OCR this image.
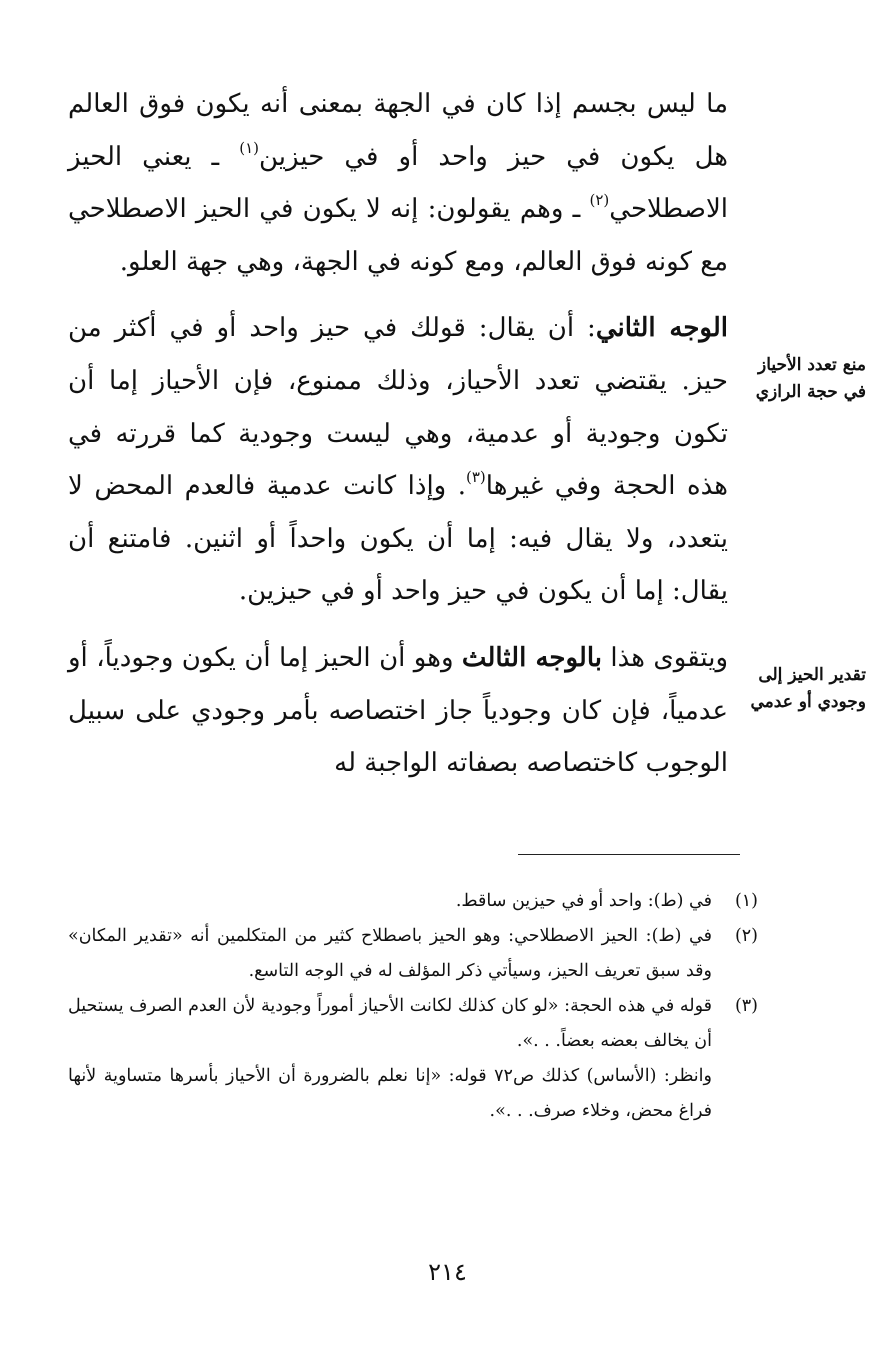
ما ليس بجسم إذا كان في الجهة بمعنى أنه يكون فوق العالم هل يكون في حيز واحد أو في حيزين$^{(١)}$ ـ يعني الحيز الاصطلاحي$^{(٢)}$ ـ وهم يقولون: إنه لا يكون في الحيز الاصطلاحي مع كونه فوق العالم، ومع كونه في الجهة، وهي جهة العلو.

الوجه الثاني: أن يقال: قولك في حيز واحد أو في أكثر من حيز. يقتضي تعدد الأحياز، وذلك ممنوع، فإن الأحياز إما أن تكون وجودية أو عدمية، وهي ليست وجودية كما قررته في هذه الحجة وفي غيرها$^{(٣)}$. وإذا كانت عدمية فالعدم المحض لا يتعدد، ولا يقال فيه: إما أن يكون واحداً أو اثنين. فامتنع أن يقال: إما أن يكون في حيز واحد أو في حيزين.

ويتقوى هذا بالوجه الثالث وهو أن الحيز إما أن يكون وجودياً، أو عدمياً، فإن كان وجودياً جاز اختصاصه بأمر وجودي على سبيل الوجوب كاختصاصه بصفاته الواجبة له

منع تعدد الأحياز في حجة الرازي
تقدير الحيز إلى وجودي أو عدمي
(١)
في (ط): واحد أو في حيزين ساقط.
(٢)
في (ط): الحيز الاصطلاحي: وهو الحيز باصطلاح كثير من المتكلمين أنه «تقدير المكان» وقد سبق تعريف الحيز، وسيأتي ذكر المؤلف له في الوجه التاسع.
(٣)
قوله في هذه الحجة: «لو كان كذلك لكانت الأحياز أموراً وجودية لأن العدم الصرف يستحيل أن يخالف بعضه بعضاً. . .».
وانظر: (الأساس) كذلك ص٧٢ قوله: «إنا نعلم بالضرورة أن الأحياز بأسرها متساوية لأنها فراغ محض، وخلاء صرف. . .».
٢١٤
